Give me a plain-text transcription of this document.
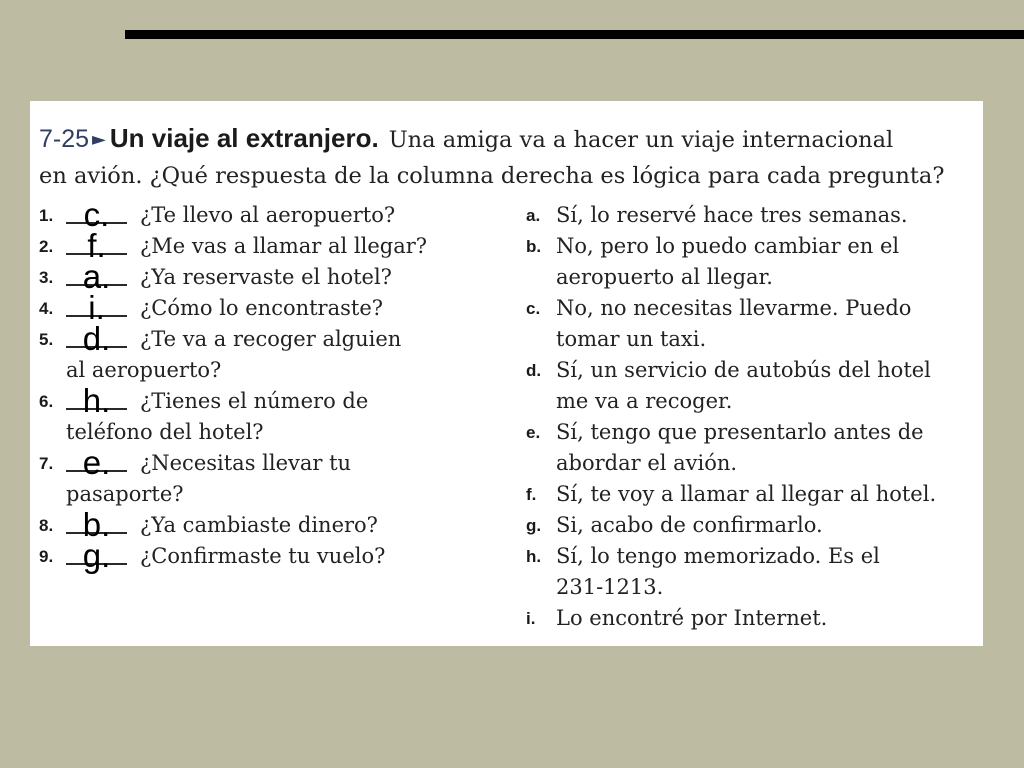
7-25 ► Un viaje al extranjero. Una amiga va a hacer un viaje internacional
en avión. ¿Qué respuesta de la columna derecha es lógica para cada pregunta?
1. c.	¿Te llevo al aeropuerto?
2.	f.	¿Me vas a llamar al llegar?
3. a.	¿Ya reservaste el hotel?
4.	i.	¿Cómo lo encontraste?
5. d.	¿Te va a recoger alguien
al aeropuerto?
6. h.	¿Tienes el número de
teléfono del hotel?
7. e.	¿Necesitas llevar tu
pasaporte?
8. b.	¿Ya cambiaste dinero?
9. g.	¿Confirmaste tu vuelo?
a. Sí, lo reservé hace tres semanas.
b. No, pero lo puedo cambiar en el
aeropuerto al llegar.
c. No, no necesitas llevarme. Puedo
tomar un taxi.
d. Sí, un servicio de autobús del hotel
me va a recoger.
e. Sí, tengo que presentarlo antes de
abordar el avión.
f. Sí, te voy a llamar al llegar al hotel.
g. Si, acabo de confirmarlo.
h. Sí, lo tengo memorizado. Es el
231-1213.
i. Lo encontré por Internet.
